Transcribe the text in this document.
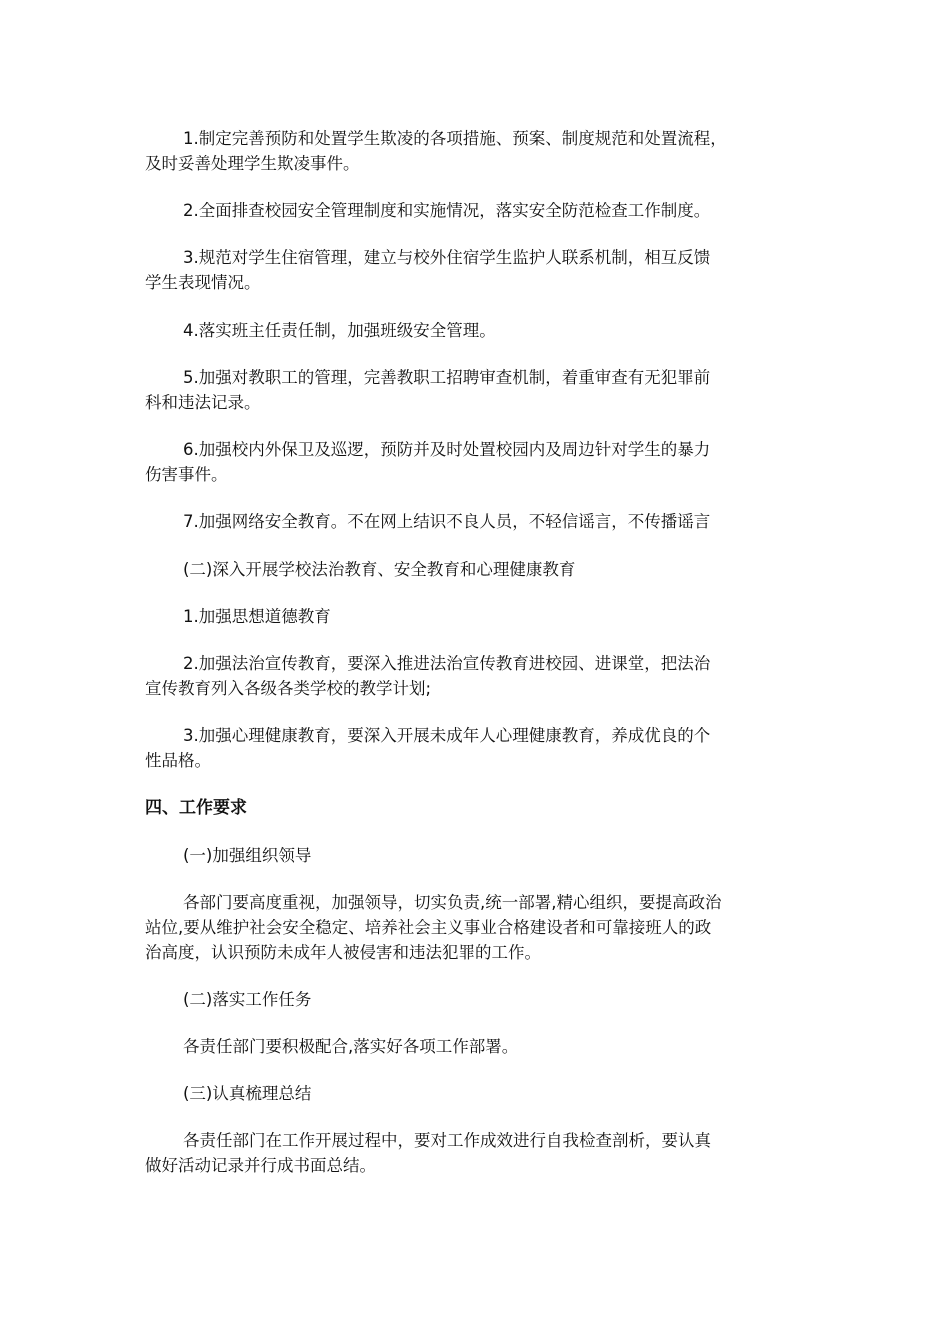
1.制定完善预防和处置学生欺凌的各项措施、预案、制度规范和处置流程，
及时妥善处理学生欺凌事件。
2.全面排查校园安全管理制度和实施情况，落实安全防范检查工作制度。
3.规范对学生住宿管理，建立与校外住宿学生监护人联系机制，相互反馈
学生表现情况。
4.落实班主任责任制，加强班级安全管理。
5.加强对教职工的管理，完善教职工招聘审查机制，着重审查有无犯罪前
科和违法记录。
6.加强校内外保卫及巡逻，预防并及时处置校园内及周边针对学生的暴力
伤害事件。
7.加强网络安全教育。不在网上结识不良人员，不轻信谣言，不传播谣言
(二)深入开展学校法治教育、安全教育和心理健康教育
1.加强思想道德教育
2.加强法治宣传教育，要深入推进法治宣传教育进校园、进课堂，把法治
宣传教育列入各级各类学校的教学计划;
3.加强心理健康教育，要深入开展未成年人心理健康教育，养成优良的个
性品格。
四、工作要求
(一)加强组织领导
各部门要高度重视，加强领导，切实负责,统一部署,精心组织，要提高政治
站位,要从维护社会安全稳定、培养社会主义事业合格建设者和可靠接班人的政
治高度，认识预防未成年人被侵害和违法犯罪的工作。
(二)落实工作任务
各责任部门要积极配合,落实好各项工作部署。
(三)认真梳理总结
各责任部门在工作开展过程中，要对工作成效进行自我检查剖析，要认真
做好活动记录并行成书面总结。
